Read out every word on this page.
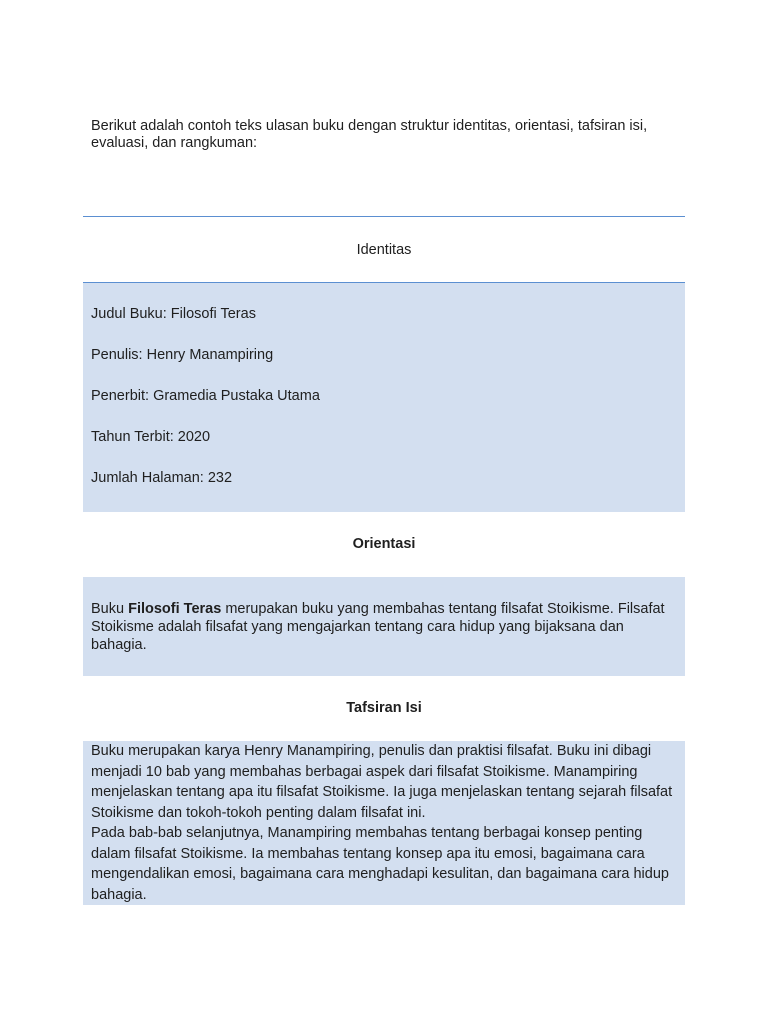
Berikut adalah contoh teks ulasan buku dengan struktur identitas, orientasi, tafsiran isi, evaluasi, dan rangkuman:

Identitas

Judul Buku: Filosofi Teras

Penulis: Henry Manampiring

Penerbit: Gramedia Pustaka Utama

Tahun Terbit: 2020

Jumlah Halaman: 232

Orientasi

Buku Filosofi Teras merupakan buku yang membahas tentang filsafat Stoikisme. Filsafat Stoikisme adalah filsafat yang mengajarkan tentang cara hidup yang bijaksana dan bahagia.

Tafsiran Isi

Buku merupakan karya Henry Manampiring, penulis dan praktisi filsafat. Buku ini dibagi menjadi 10 bab yang membahas berbagai aspek dari filsafat Stoikisme. Manampiring menjelaskan tentang apa itu filsafat Stoikisme. Ia juga menjelaskan tentang sejarah filsafat Stoikisme dan tokoh-tokoh penting dalam filsafat ini.
Pada bab-bab selanjutnya, Manampiring membahas tentang berbagai konsep penting dalam filsafat Stoikisme. Ia membahas tentang konsep apa itu emosi, bagaimana cara mengendalikan emosi, bagaimana cara menghadapi kesulitan, dan bagaimana cara hidup bahagia.
